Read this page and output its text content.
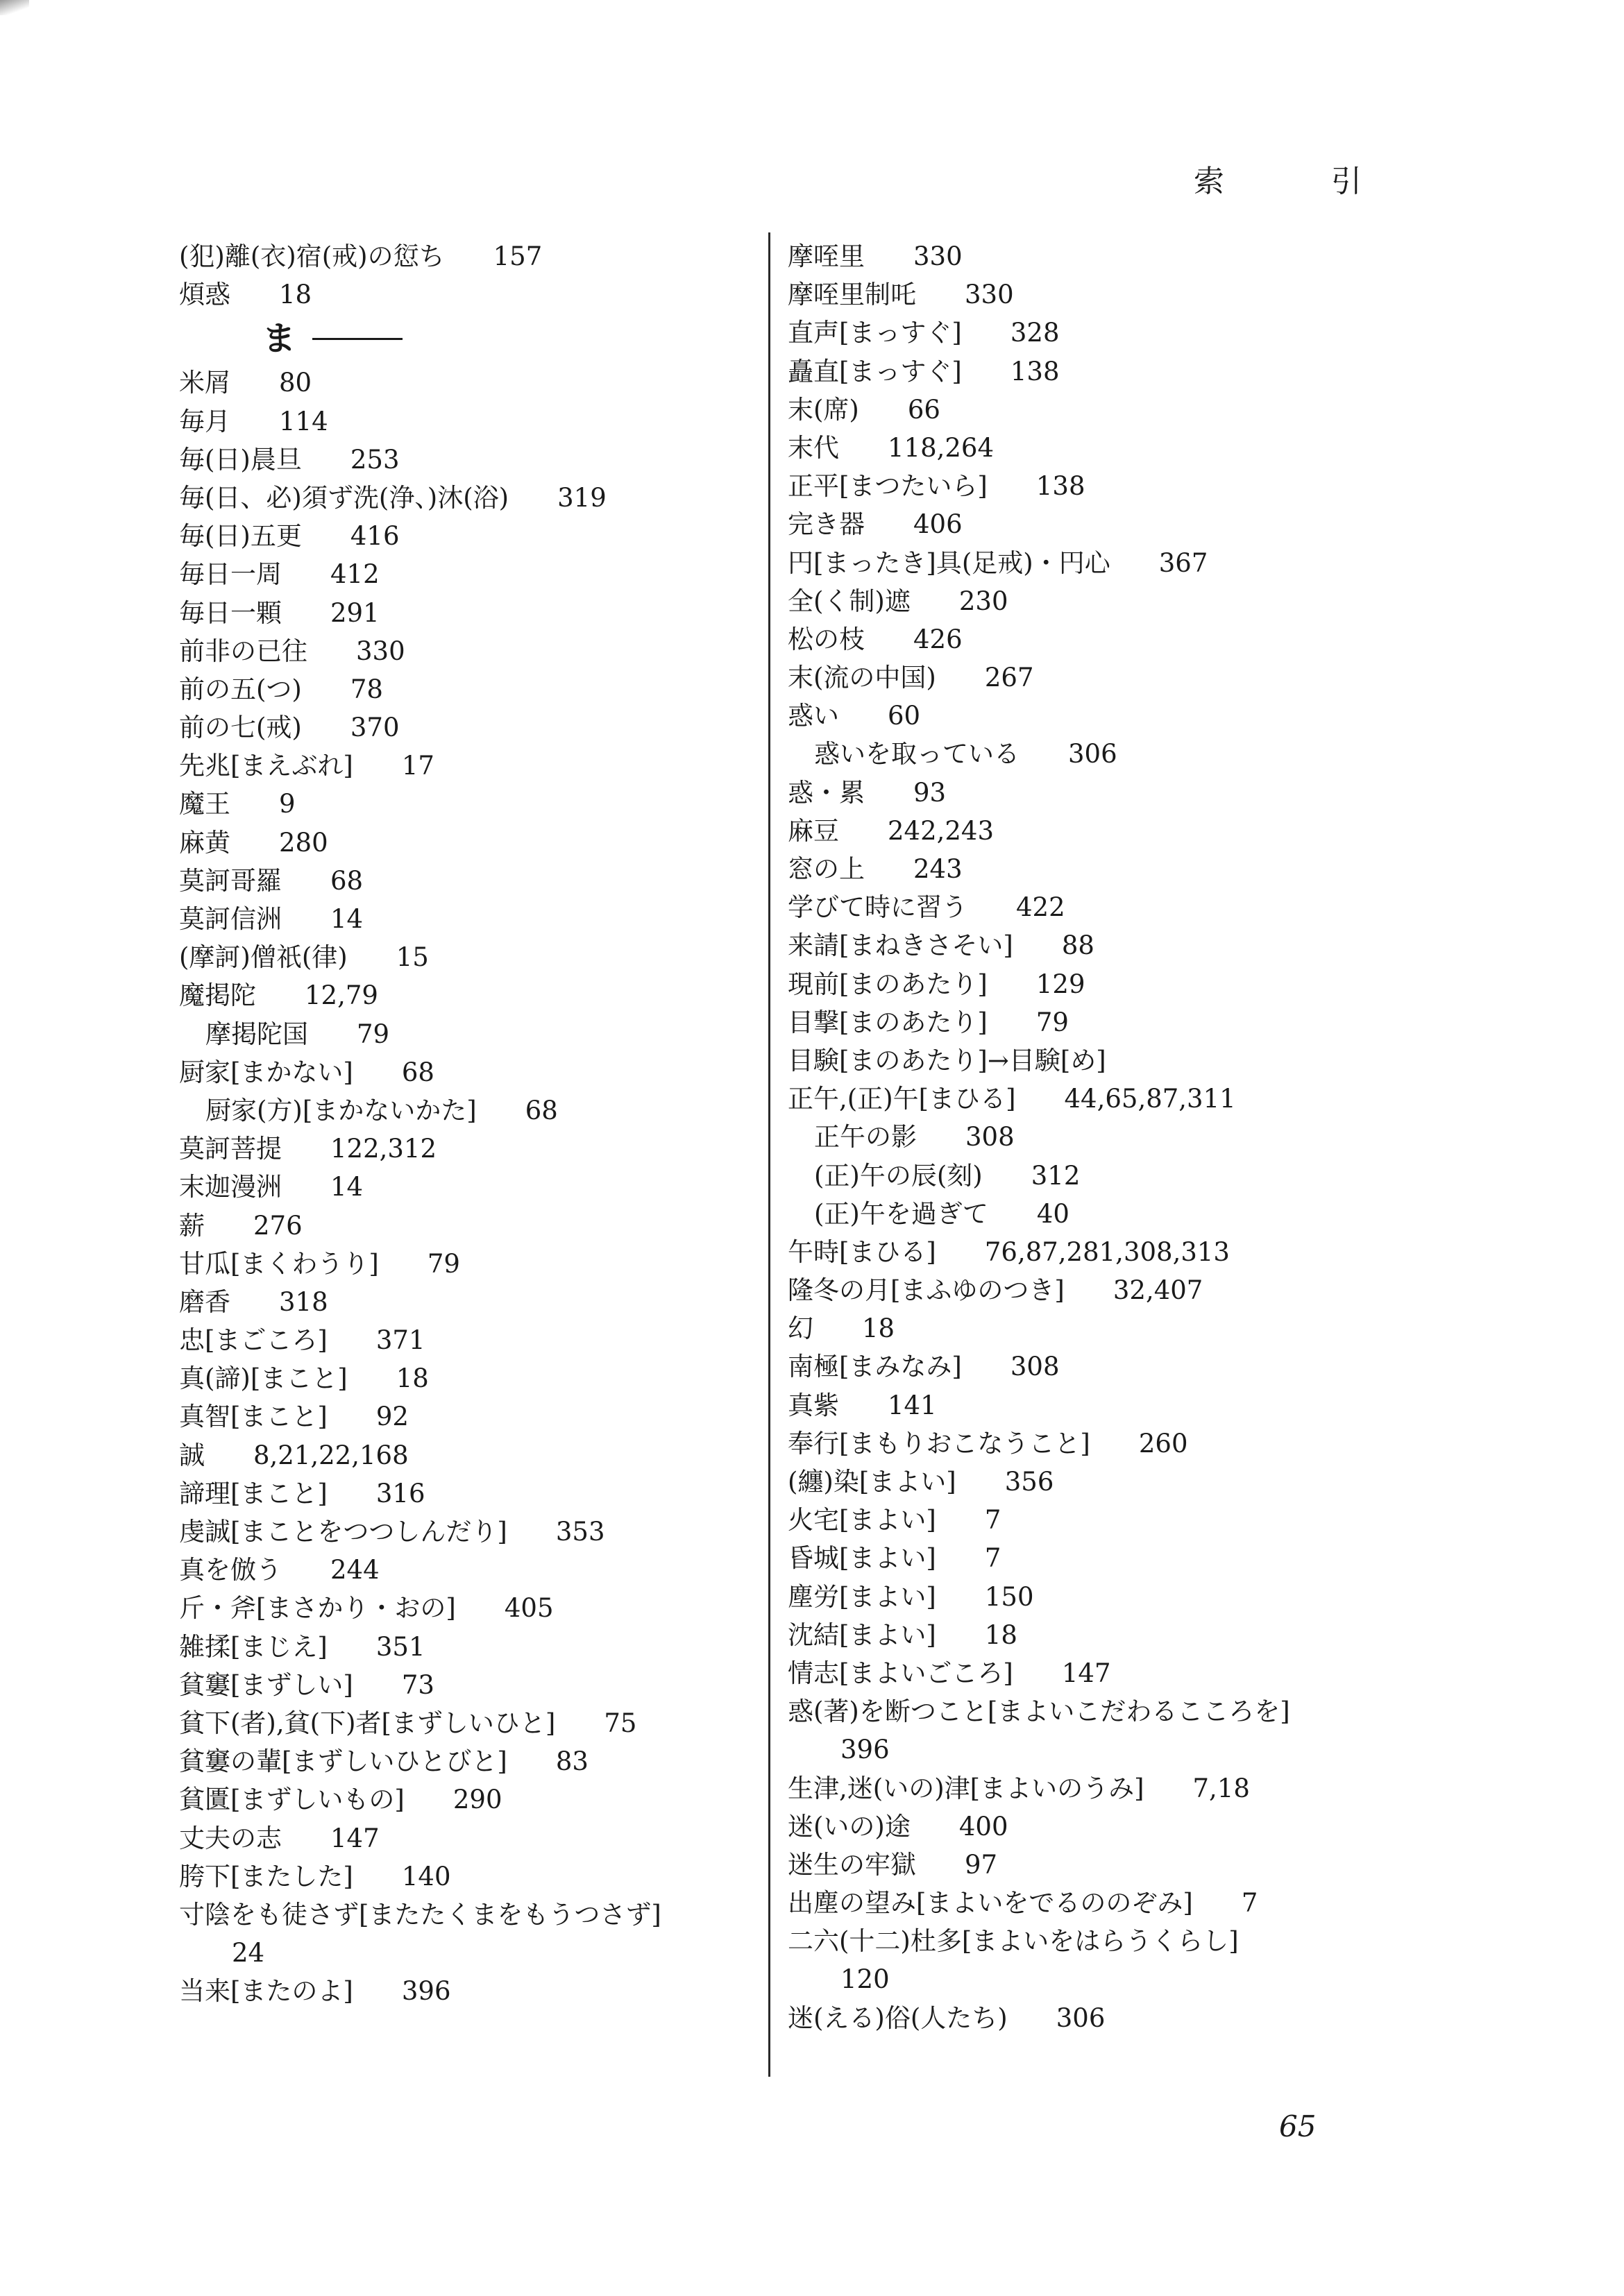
索 引
(犯)離(衣)宿(戒)の愆ち 157
煩惑 18
ま
米屑 80
毎月 114
毎(日)晨旦 253
毎(日、必)須ず洗(浄、)沐(浴) 319
毎(日)五更 416
毎日一周 412
毎日一顆 291
前非の已往 330
前の五(つ) 78
前の七(戒) 370
先兆[まえぶれ] 17
魔王 9
麻黄 280
莫訶哥羅 68
莫訶信洲 14
(摩訶)僧祇(律) 15
魔掲陀 12,79
摩掲陀国 79
厨家[まかない] 68
厨家(方)[まかないかた] 68
莫訶菩提 122,312
末迦漫洲 14
薪 276
甘瓜[まくわうり] 79
磨香 318
忠[まごころ] 371
真(諦)[まこと] 18
真智[まこと] 92
誠 8,21,22,168
諦理[まこと] 316
虔誠[まことをつつしんだり] 353
真を倣う 244
斤・斧[まさかり・おの] 405
雑揉[まじえ] 351
貧窶[まずしい] 73
貧下(者),貧(下)者[まずしいひと] 75
貧窶の輩[まずしいひとびと] 83
貧匱[まずしいもの] 290
丈夫の志 147
胯下[またした] 140
寸陰をも徒さず[またたくまをもうつさず]
24
当来[またのよ] 396
摩咥里 330
摩咥里制吒 330
直声[まっすぐ] 328
矗直[まっすぐ] 138
末(席) 66
末代 118,264
正平[まつたいら] 138
完き器 406
円[まったき]具(足戒)・円心 367
全(く制)遮 230
松の枝 426
末(流の中国) 267
惑い 60
惑いを取っている 306
惑・累 93
麻豆 242,243
窓の上 243
学びて時に習う 422
来請[まねきさそい] 88
現前[まのあたり] 129
目撃[まのあたり] 79
目験[まのあたり]→目験[め]
正午,(正)午[まひる] 44,65,87,311
正午の影 308
(正)午の辰(刻) 312
(正)午を過ぎて 40
午時[まひる] 76,87,281,308,313
隆冬の月[まふゆのつき] 32,407
幻 18
南極[まみなみ] 308
真紫 141
奉行[まもりおこなうこと] 260
(纏)染[まよい] 356
火宅[まよい] 7
昏城[まよい] 7
塵労[まよい] 150
沈結[まよい] 18
情志[まよいごころ] 147
惑(著)を断つこと[まよいこだわるこころを]
396
生津,迷(いの)津[まよいのうみ] 7,18
迷(いの)途 400
迷生の牢獄 97
出塵の望み[まよいをでるののぞみ] 7
二六(十二)杜多[まよいをはらうくらし]
120
迷(える)俗(人たち) 306
65
